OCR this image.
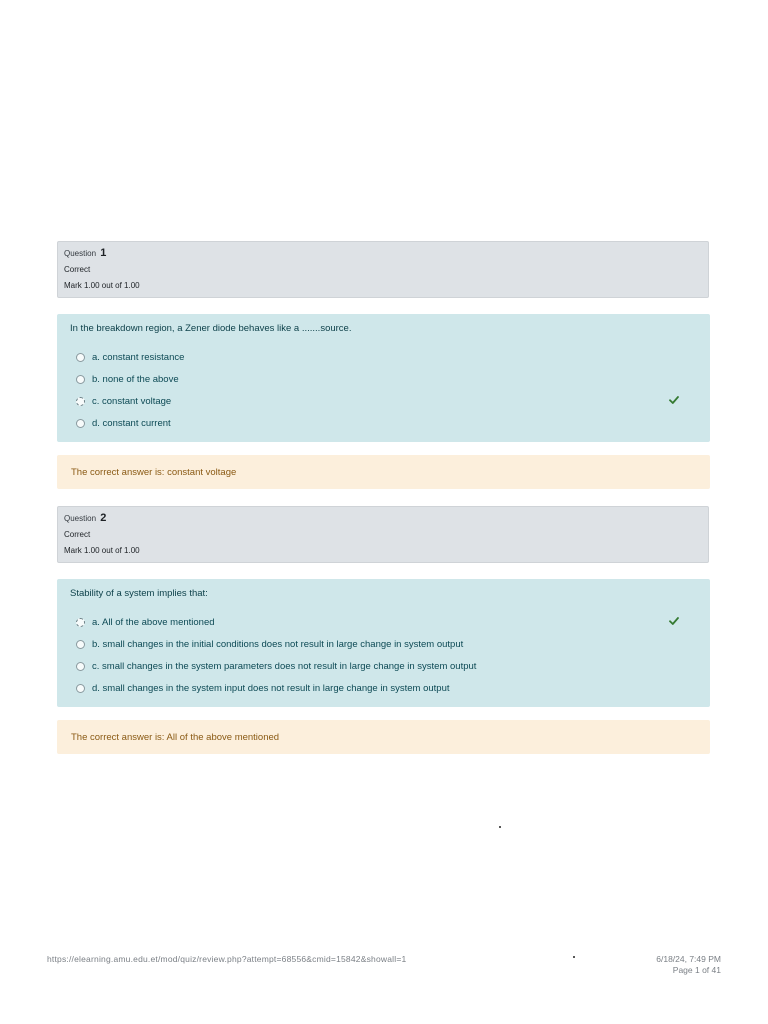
Question 1
Correct
Mark 1.00 out of 1.00
In the breakdown region, a Zener diode behaves like a .......source.
a. constant resistance
b. none of the above
c. constant voltage
d. constant current
The correct answer is: constant voltage
Question 2
Correct
Mark 1.00 out of 1.00
Stability of a system implies that:
a. All of the above mentioned
b. small changes in the initial conditions does not result in large change in system output
c. small changes in the system parameters does not result in large change in system output
d. small changes in the system input does not result in large change in system output
The correct answer is: All of the above mentioned
https://elearning.amu.edu.et/mod/quiz/review.php?attempt=68556&cmid=15842&showall=1	6/18/24, 7:49 PM
Page 1 of 41
